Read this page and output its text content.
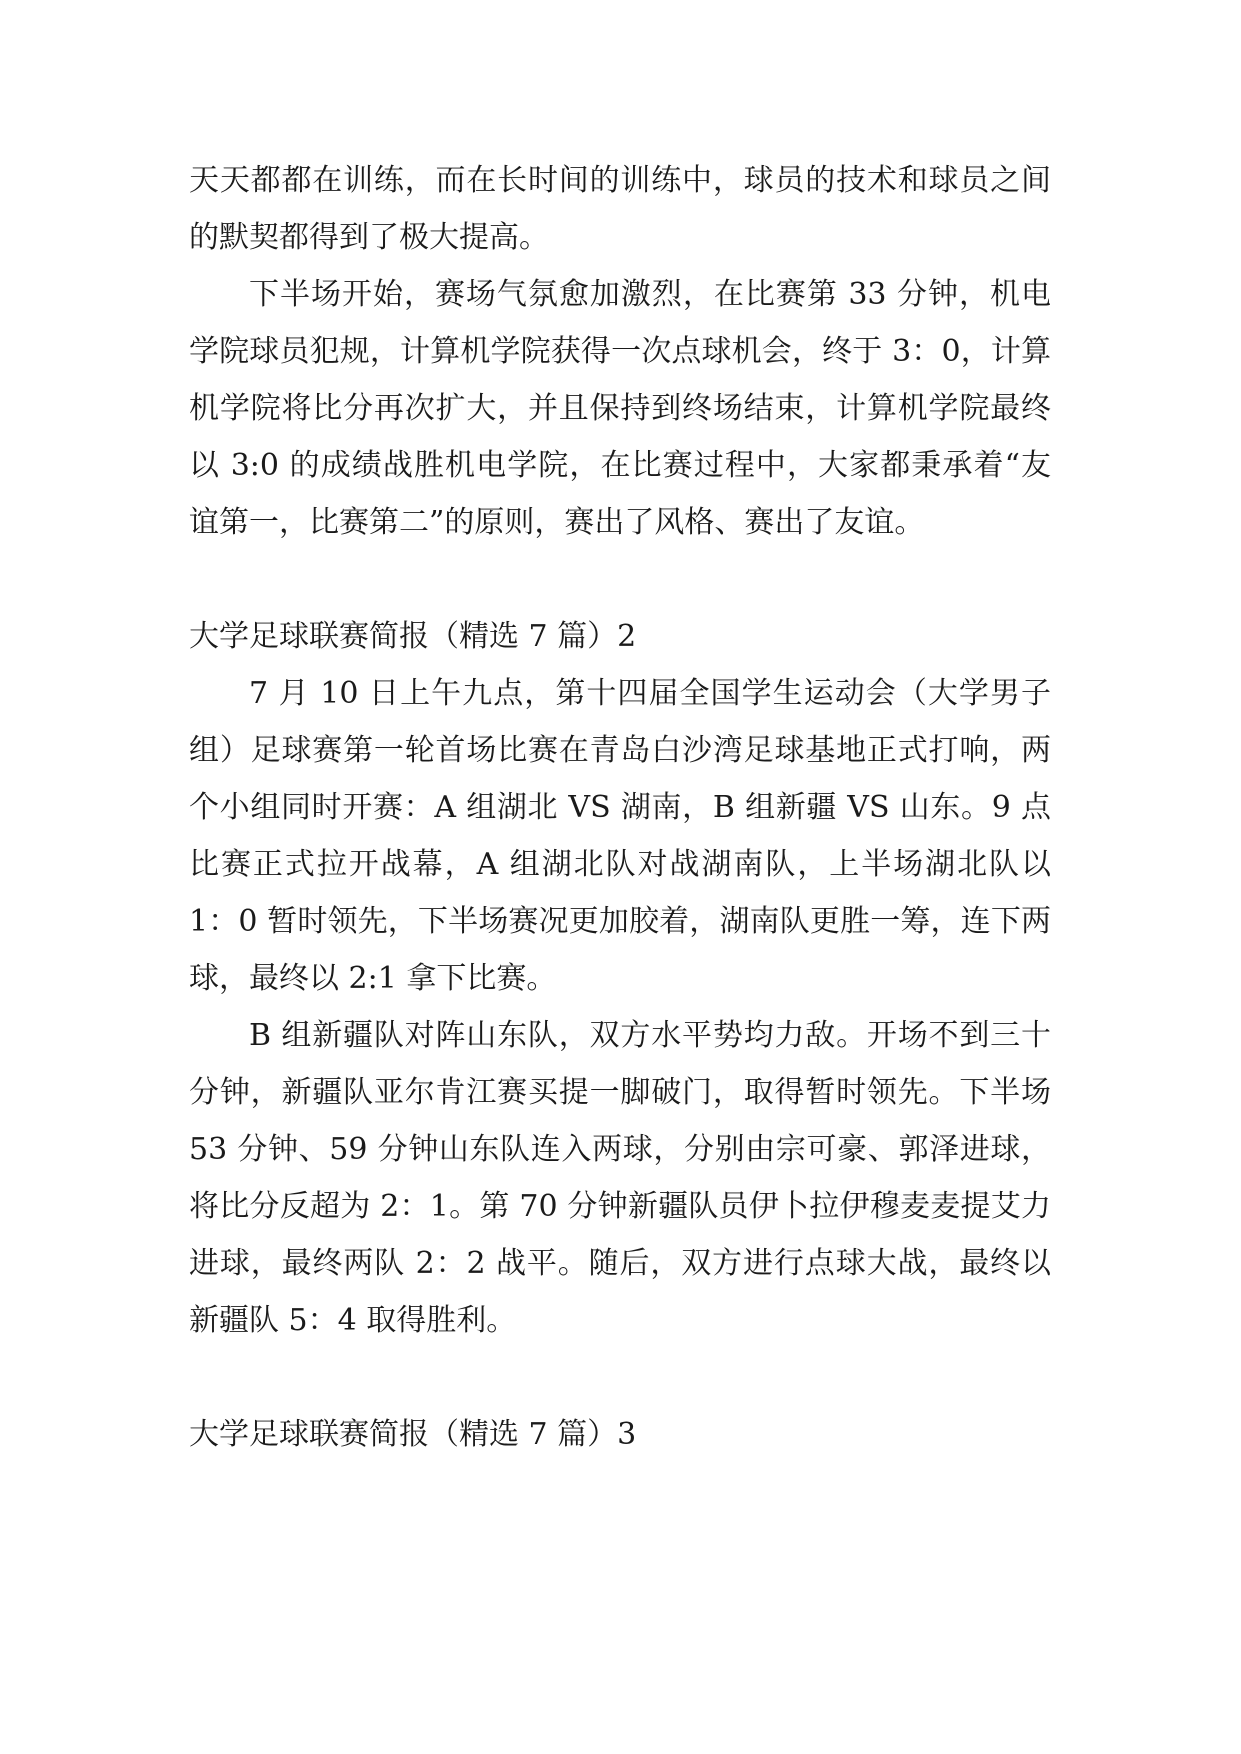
天天都都在训练，而在长时间的训练中，球员的技术和球员之间的默契都得到了极大提高。

下半场开始，赛场气氛愈加激烈，在比赛第 33 分钟，机电学院球员犯规，计算机学院获得一次点球机会，终于 3：0，计算机学院将比分再次扩大，并且保持到终场结束，计算机学院最终以 3:0 的成绩战胜机电学院，在比赛过程中，大家都秉承着“友谊第一，比赛第二”的原则，赛出了风格、赛出了友谊。

大学足球联赛简报（精选 7 篇）2

7 月 10 日上午九点，第十四届全国学生运动会（大学男子组）足球赛第一轮首场比赛在青岛白沙湾足球基地正式打响，两个小组同时开赛：A 组湖北 VS 湖南，B 组新疆 VS 山东。9 点比赛正式拉开战幕，A 组湖北队对战湖南队，上半场湖北队以 1：0 暂时领先，下半场赛况更加胶着，湖南队更胜一筹，连下两球，最终以 2:1 拿下比赛。

B 组新疆队对阵山东队，双方水平势均力敌。开场不到三十分钟，新疆队亚尔肯江赛买提一脚破门，取得暂时领先。下半场 53 分钟、59 分钟山东队连入两球，分别由宗可豪、郭泽进球，将比分反超为 2：1。第 70 分钟新疆队员伊卜拉伊穆麦麦提艾力进球，最终两队 2：2 战平。随后，双方进行点球大战，最终以新疆队 5：4 取得胜利。

大学足球联赛简报（精选 7 篇）3
